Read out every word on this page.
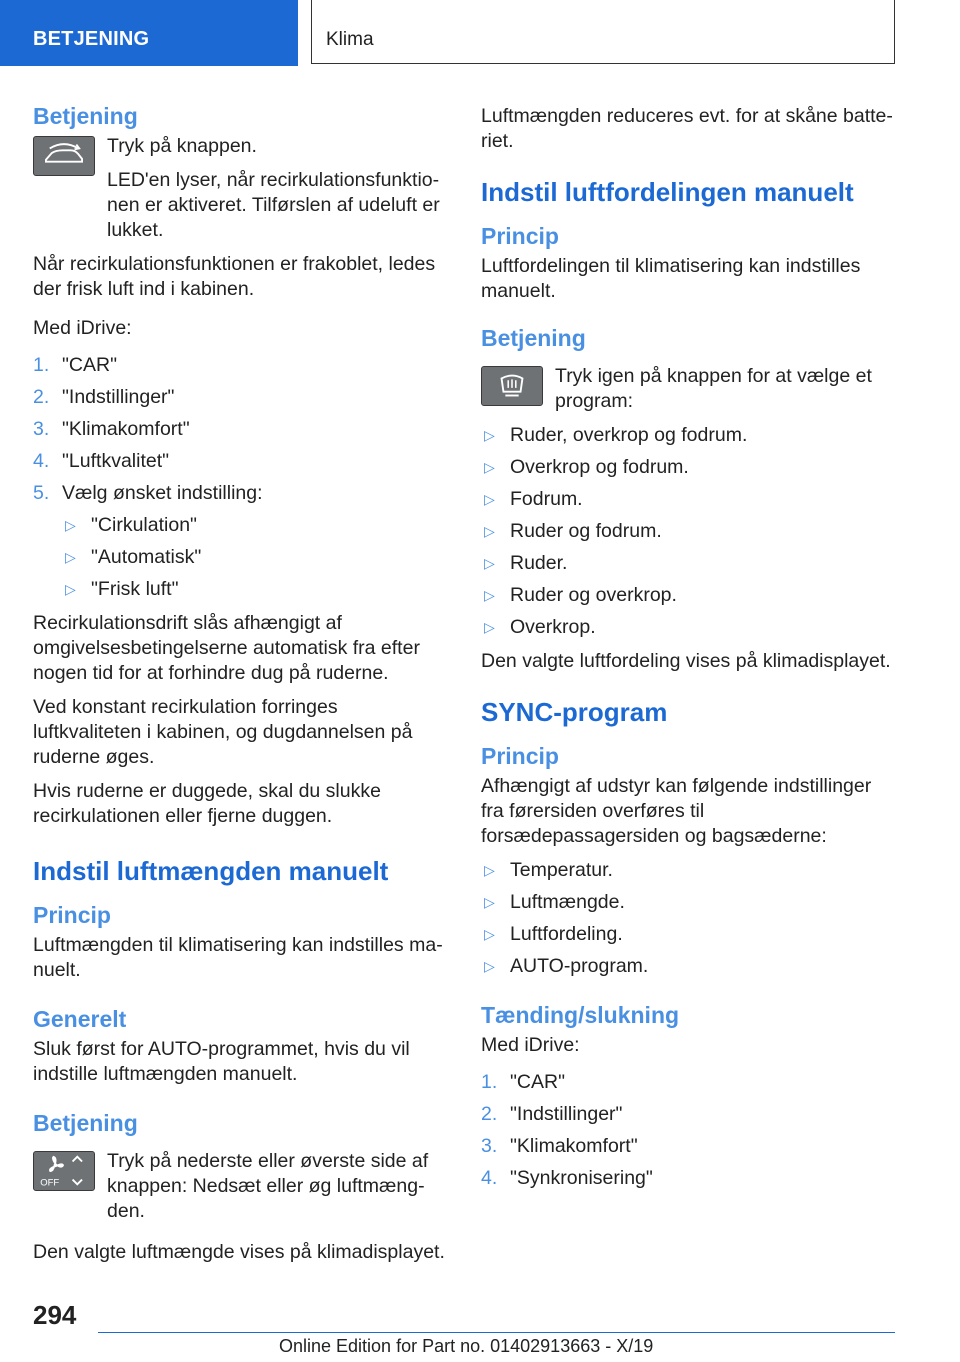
BETJENING	Klima
Betjening

Tryk på knappen.

LED'en lyser, når recirkulationsfunktionen er aktiveret. Tilførslen af udeluft er lukket.

Når recirkulationsfunktionen er frakoblet, ledes der frisk luft ind i kabinen.

Med iDrive:

1. "CAR"
2. "Indstillinger"
3. "Klimakomfort"
4. "Luftkvalitet"
5. Vælg ønsket indstilling:
▷ "Cirkulation"
▷ "Automatisk"
▷ "Frisk luft"

Recirkulationsdrift slås afhængigt af omgivelsesbetingelserne automatisk fra efter nogen tid for at forhindre dug på ruderne.

Ved konstant recirkulation forringes luftkvaliteten i kabinen, og dugdannelsen på ruderne øges.

Hvis ruderne er duggede, skal du slukke recirkulationen eller fjerne duggen.

Indstil luftmængden manuelt
Princip

Luftmængden til klimatisering kan indstilles manuelt.

Generelt

Sluk først for AUTO-programmet, hvis du vil indstille luftmængden manuelt.

Betjening
OFF

Tryk på nederste eller øverste side af knappen: Nedsæt eller øg luftmængden.

Den valgte luftmængde vises på klimadisplayet.

Luftmængden reduceres evt. for at skåne batteriet.

Indstil luftfordelingen manuelt
Princip

Luftfordelingen til klimatisering kan indstilles manuelt.

Betjening

Tryk igen på knappen for at vælge et program:

▷ Ruder, overkrop og fodrum.
▷ Overkrop og fodrum.
▷ Fodrum.
▷ Ruder og fodrum.
▷ Ruder.
▷ Ruder og overkrop.
▷ Overkrop.

Den valgte luftfordeling vises på klimadisplayet.

SYNC-program
Princip

Afhængigt af udstyr kan følgende indstillinger fra førersiden overføres til forsædepassagersiden og bagsæderne:

▷ Temperatur.
▷ Luftmængde.
▷ Luftfordeling.
▷ AUTO-program.
Tænding/slukning

Med iDrive:

1. "CAR"
2. "Indstillinger"
3. "Klimakomfort"
4. "Synkronisering"
294
Online Edition for Part no. 01402913663 - X/19
